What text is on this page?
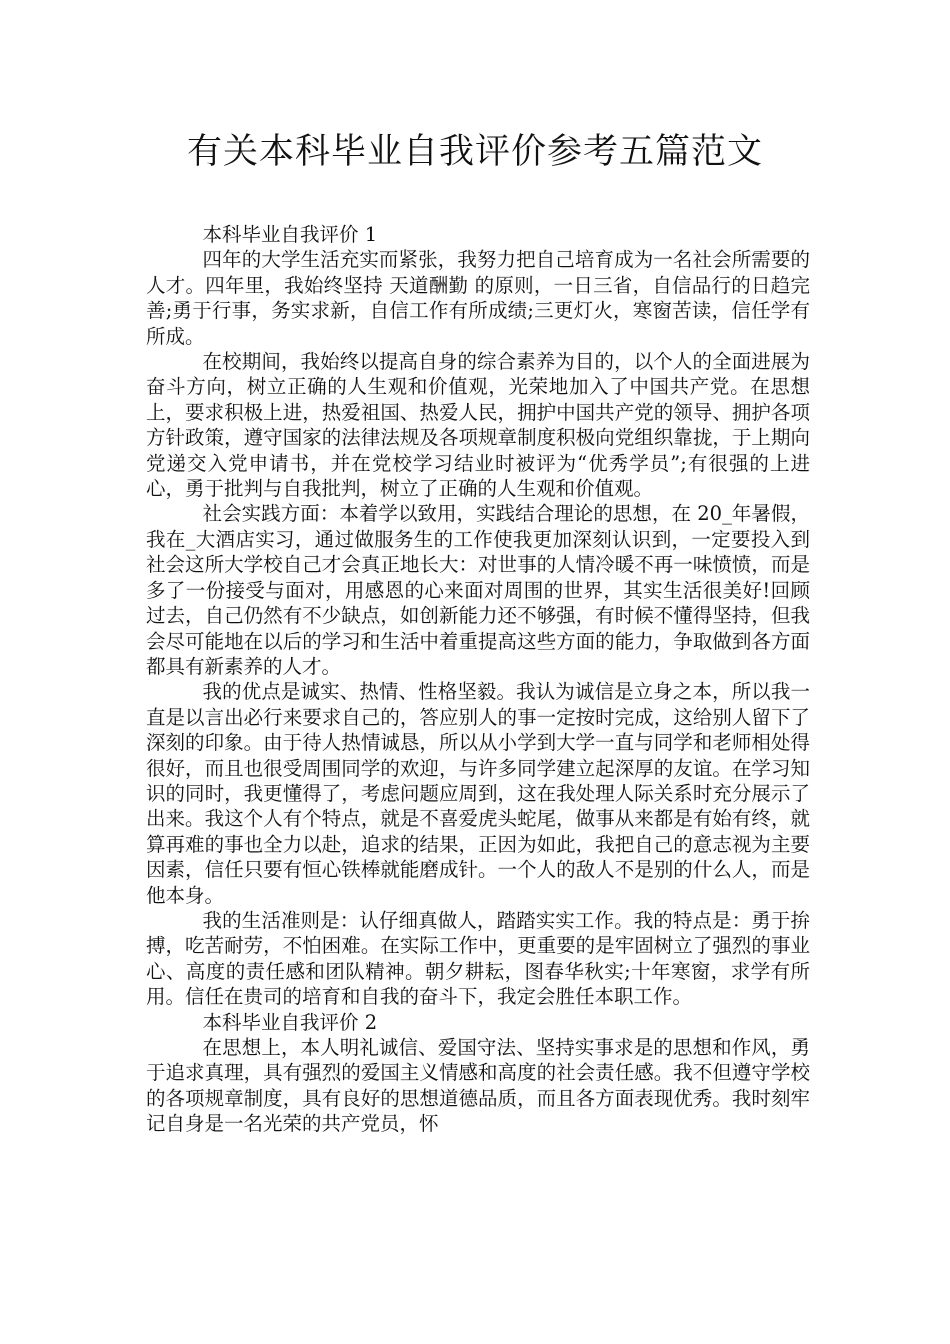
有关本科毕业自我评价参考五篇范文

本科毕业自我评价 1

四年的大学生活充实而紧张，我努力把自己培育成为一名社会所需要的人才。四年里，我始终坚持 天道酬勤 的原则，一日三省，自信品行的日趋完善;勇于行事，务实求新，自信工作有所成绩;三更灯火，寒窗苦读，信任学有所成。

在校期间，我始终以提高自身的综合素养为目的，以个人的全面进展为奋斗方向，树立正确的人生观和价值观，光荣地加入了中国共产党。在思想上，要求积极上进，热爱祖国、热爱人民，拥护中国共产党的领导、拥护各项方针政策，遵守国家的法律法规及各项规章制度积极向党组织靠拢，于上期向党递交入党申请书，并在党校学习结业时被评为“优秀学员”;有很强的上进心，勇于批判与自我批判，树立了正确的人生观和价值观。

社会实践方面：本着学以致用，实践结合理论的思想，在 20_年暑假，我在_大酒店实习，通过做服务生的工作使我更加深刻认识到，一定要投入到社会这所大学校自己才会真正地长大：对世事的人情冷暖不再一味愤愤，而是多了一份接受与面对，用感恩的心来面对周围的世界，其实生活很美好!回顾过去，自己仍然有不少缺点，如创新能力还不够强，有时候不懂得坚持，但我会尽可能地在以后的学习和生活中着重提高这些方面的能力，争取做到各方面都具有新素养的人才。

我的优点是诚实、热情、性格坚毅。我认为诚信是立身之本，所以我一直是以言出必行来要求自己的，答应别人的事一定按时完成，这给别人留下了深刻的印象。由于待人热情诚恳，所以从小学到大学一直与同学和老师相处得很好，而且也很受周围同学的欢迎，与许多同学建立起深厚的友谊。在学习知识的同时，我更懂得了，考虑问题应周到，这在我处理人际关系时充分展示了出来。我这个人有个特点，就是不喜爱虎头蛇尾，做事从来都是有始有终，就算再难的事也全力以赴，追求的结果，正因为如此，我把自己的意志视为主要因素，信任只要有恒心铁棒就能磨成针。一个人的敌人不是别的什么人，而是他本身。

我的生活准则是：认仔细真做人，踏踏实实工作。我的特点是：勇于拚搏，吃苦耐劳，不怕困难。在实际工作中，更重要的是牢固树立了强烈的事业心、高度的责任感和团队精神。朝夕耕耘，图春华秋实;十年寒窗，求学有所用。信任在贵司的培育和自我的奋斗下，我定会胜任本职工作。

本科毕业自我评价 2

在思想上，本人明礼诚信、爱国守法、坚持实事求是的思想和作风，勇于追求真理，具有强烈的爱国主义情感和高度的社会责任感。我不但遵守学校的各项规章制度，具有良好的思想道德品质，而且各方面表现优秀。我时刻牢记自身是一名光荣的共产党员，怀
